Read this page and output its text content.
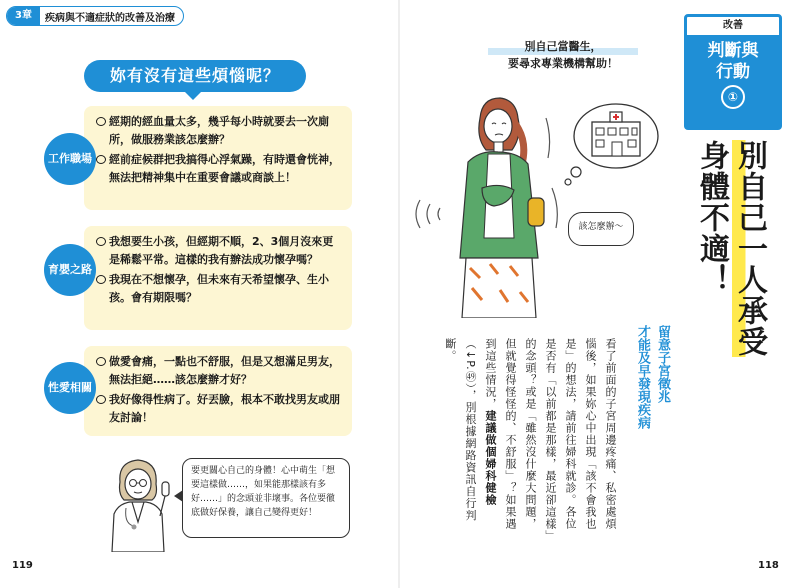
3章	疾病與不適症狀的改善及治療
妳有沒有這些煩惱呢？
工作職場
經期的經血量太多，幾乎每小時就要去一次廁所，做服務業該怎麼辦？
經前症候群把我搞得心浮氣躁，有時還會恍神，無法把精神集中在重要會議或商談上！
育嬰之路
我想要生小孩，但經期不順，2、3個月沒來更是稀鬆平常。這樣的我有辦法成功懷孕嗎？
我現在不想懷孕，但未來有天希望懷孕、生小孩。會有期限嗎？
性愛相關
做愛會痛，一點也不舒服，但是又想滿足男友，無法拒絕……該怎麼辦才好？
我好像得性病了。好丟臉，根本不敢找男友或朋友討論！
要更關心自己的身體！心中萌生「想要這樣做……，如果能那樣該有多好……」的念頭並非壞事。各位要徹底做好保養，讓自己變得更好！
119
別自己當醫生，
要尋求專業機構幫助！
該怎麼辦～
改善
判斷與
行動
①
別自己一人承受
身體不適！
留意子宮徵兆
才能及早發現疾病
看了前面的子宮周邊疼痛、私密處煩惱後，如果妳心中出現「該不會我也是」的想法，請前往婦科就診。各位是否有「以前都是那樣，最近卻這樣」的念頭？或是「雖然沒什麼大問題，但就覺得怪怪的、不舒服」？如果遇到這些情況，建議做個婦科健檢（↓P.㊾），別根據網路資訊自行判斷。
118
